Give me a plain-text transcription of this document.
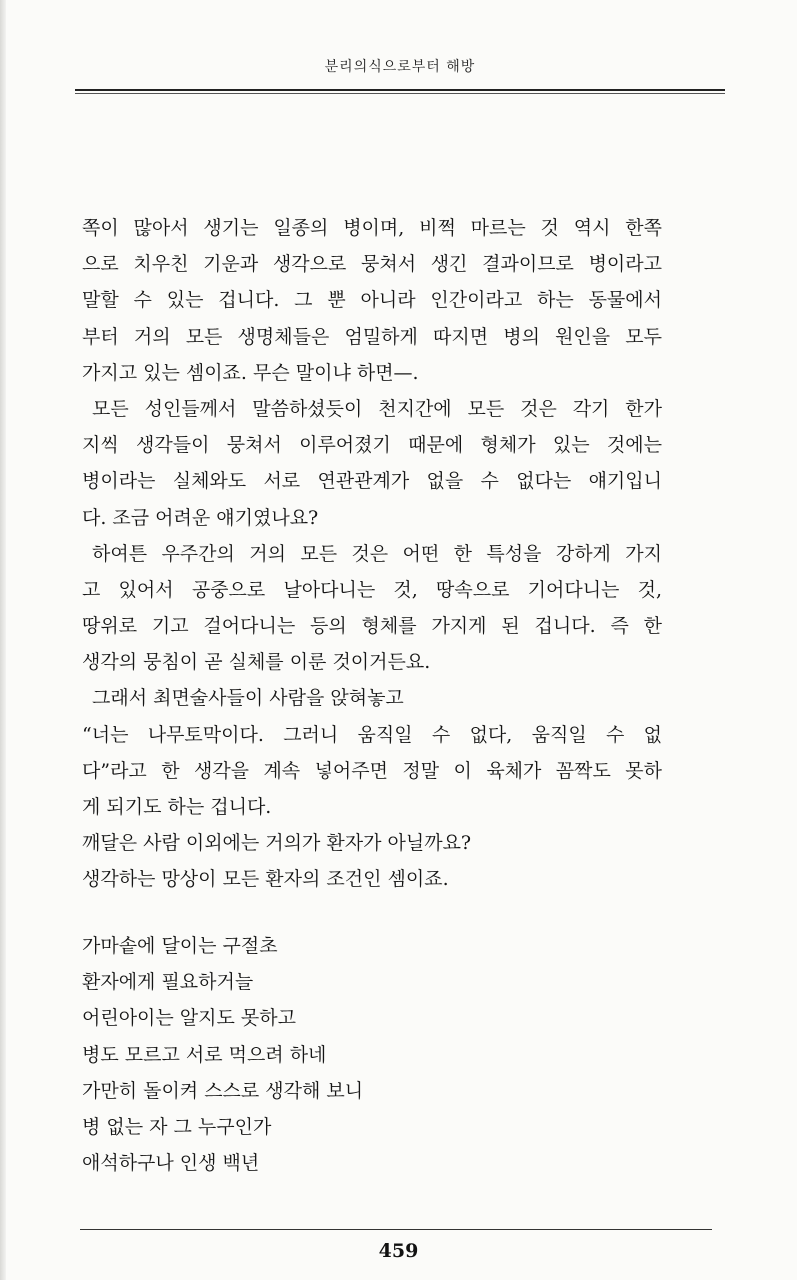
분리의식으로부터 해방
쪽이 많아서 생기는 일종의 병이며, 비쩍 마르는 것 역시 한쪽
으로 치우친 기운과 생각으로 뭉쳐서 생긴 결과이므로 병이라고
말할 수 있는 겁니다. 그 뿐 아니라 인간이라고 하는 동물에서
부터 거의 모든 생명체들은 엄밀하게 따지면 병의 원인을 모두
가지고 있는 셈이죠. 무슨 말이냐 하면—.
모든 성인들께서 말씀하셨듯이 천지간에 모든 것은 각기 한가
지씩 생각들이 뭉쳐서 이루어졌기 때문에 형체가 있는 것에는
병이라는 실체와도 서로 연관관계가 없을 수 없다는 얘기입니
다. 조금 어려운 얘기였나요?
하여튼 우주간의 거의 모든 것은 어떤 한 특성을 강하게 가지
고 있어서 공중으로 날아다니는 것, 땅속으로 기어다니는 것,
땅위로 기고 걸어다니는 등의 형체를 가지게 된 겁니다. 즉 한
생각의 뭉침이 곧 실체를 이룬 것이거든요.
그래서 최면술사들이 사람을 앉혀놓고
“너는 나무토막이다. 그러니 움직일 수 없다, 움직일 수 없
다”라고 한 생각을 계속 넣어주면 정말 이 육체가 꼼짝도 못하
게 되기도 하는 겁니다.
깨달은 사람 이외에는 거의가 환자가 아닐까요?
생각하는 망상이 모든 환자의 조건인 셈이죠.
가마솥에 달이는 구절초
환자에게 필요하거늘
어린아이는 알지도 못하고
병도 모르고 서로 먹으려 하네
가만히 돌이켜 스스로 생각해 보니
병 없는 자 그 누구인가
애석하구나 인생 백년
459
